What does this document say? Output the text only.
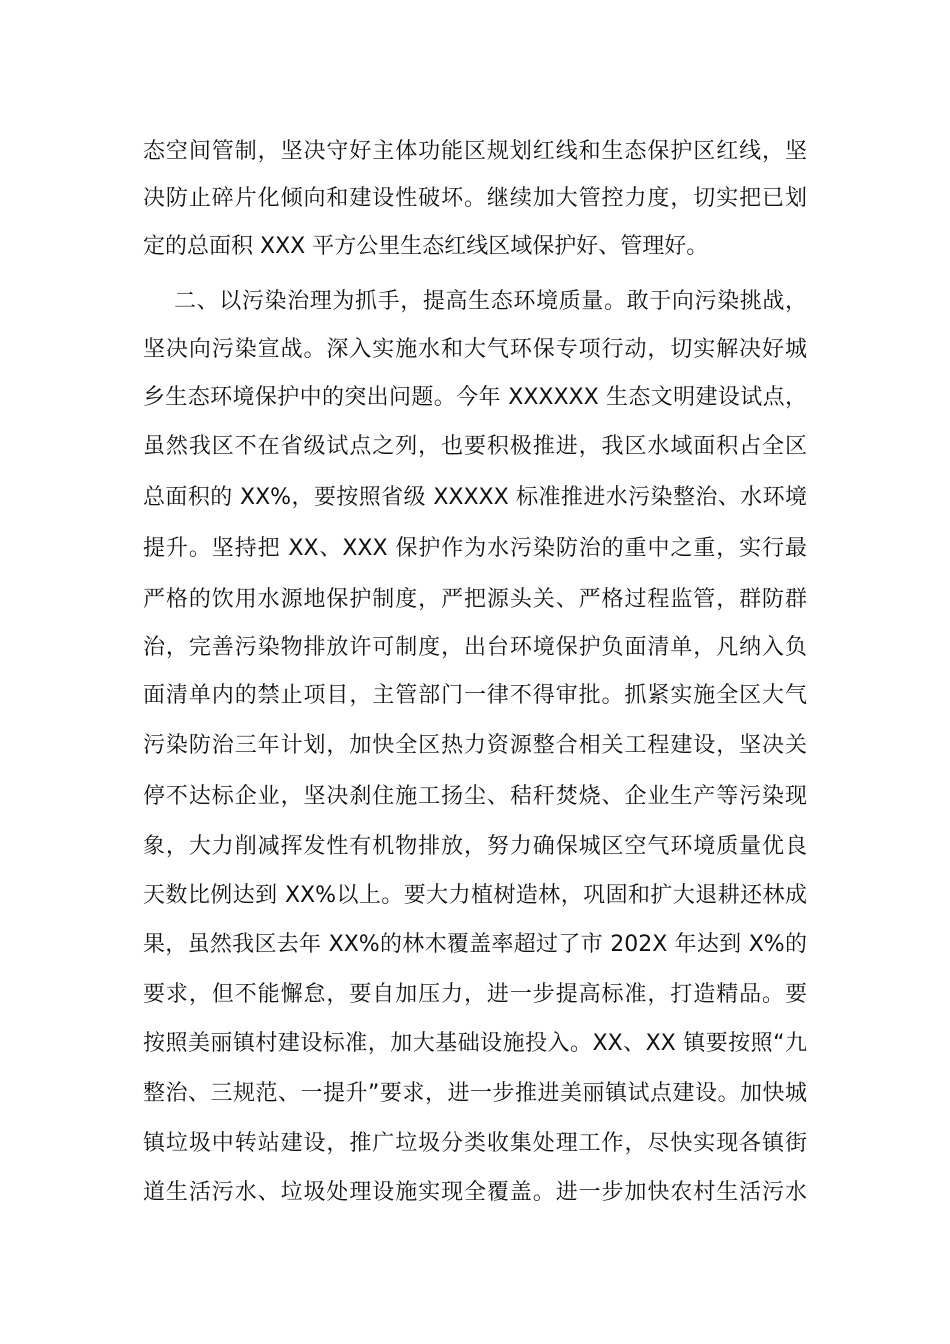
态空间管制，坚决守好主体功能区规划红线和生态保护区红线，坚
决防止碎片化倾向和建设性破坏。继续加大管控力度，切实把已划
定的总面积 XXX 平方公里生态红线区域保护好、管理好。
二、以污染治理为抓手，提高生态环境质量。敢于向污染挑战，
坚决向污染宣战。深入实施水和大气环保专项行动，切实解决好城
乡生态环境保护中的突出问题。今年 XXXXXX 生态文明建设试点，
虽然我区不在省级试点之列，也要积极推进，我区水域面积占全区
总面积的 XX%，要按照省级 XXXXX 标准推进水污染整治、水环境
提升。坚持把 XX、XXX 保护作为水污染防治的重中之重，实行最
严格的饮用水源地保护制度，严把源头关、严格过程监管，群防群
治，完善污染物排放许可制度，出台环境保护负面清单，凡纳入负
面清单内的禁止项目，主管部门一律不得审批。抓紧实施全区大气
污染防治三年计划，加快全区热力资源整合相关工程建设，坚决关
停不达标企业，坚决刹住施工扬尘、秸秆焚烧、企业生产等污染现
象，大力削减挥发性有机物排放，努力确保城区空气环境质量优良
天数比例达到 XX%以上。要大力植树造林，巩固和扩大退耕还林成
果，虽然我区去年 XX%的林木覆盖率超过了市 202X 年达到 X%的
要求，但不能懈怠，要自加压力，进一步提高标准，打造精品。要
按照美丽镇村建设标准，加大基础设施投入。XX、XX 镇要按照“九
整治、三规范、一提升”要求，进一步推进美丽镇试点建设。加快城
镇垃圾中转站建设，推广垃圾分类收集处理工作，尽快实现各镇街
道生活污水、垃圾处理设施实现全覆盖。进一步加快农村生活污水
